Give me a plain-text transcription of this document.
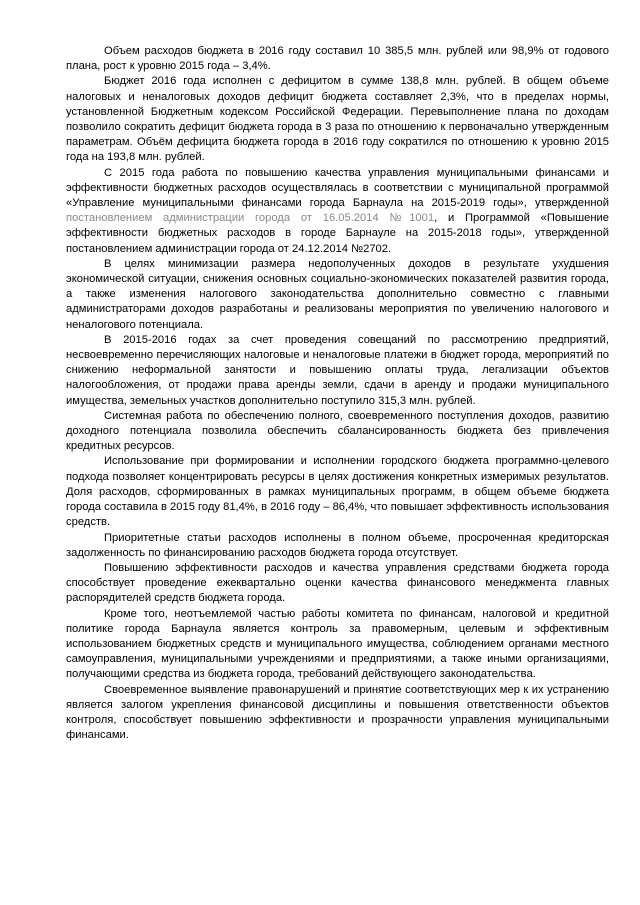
Объем расходов бюджета в 2016 году составил 10 385,5 млн. рублей или 98,9% от годового плана, рост к уровню 2015 года – 3,4%.

Бюджет 2016 года исполнен с дефицитом в сумме 138,8 млн. рублей. В общем объеме налоговых и неналоговых доходов дефицит бюджета составляет 2,3%, что в пределах нормы, установленной Бюджетным кодексом Российской Федерации. Перевыполнение плана по доходам позволило сократить дефицит бюджета города в 3 раза по отношению к первоначально утвержденным параметрам. Объём дефицита бюджета города в 2016 году сократился по отношению к уровню 2015 года на 193,8 млн. рублей.

С 2015 года работа по повышению качества управления муниципальными финансами и эффективности бюджетных расходов осуществлялась в соответствии с муниципальной программой «Управление муниципальными финансами города Барнаула на 2015-2019 годы», утвержденной постановлением администрации города от 16.05.2014 №1001, и Программой «Повышение эффективности бюджетных расходов в городе Барнауле на 2015-2018 годы», утвержденной постановлением администрации города от 24.12.2014 №2702.

В целях минимизации размера недополученных доходов в результате ухудшения экономической ситуации, снижения основных социально-экономических показателей развития города, а также изменения налогового законодательства дополнительно совместно с главными администраторами доходов разработаны и реализованы мероприятия по увеличению налогового и неналогового потенциала.

В 2015-2016 годах за счет проведения совещаний по рассмотрению предприятий, несвоевременно перечисляющих налоговые и неналоговые платежи в бюджет города, мероприятий по снижению неформальной занятости и повышению оплаты труда, легализации объектов налогообложения, от продажи права аренды земли, сдачи в аренду и продажи муниципального имущества, земельных участков дополнительно поступило 315,3 млн. рублей.

Системная работа по обеспечению полного, своевременного поступления доходов, развитию доходного потенциала позволила обеспечить сбалансированность бюджета без привлечения кредитных ресурсов.

Использование при формировании и исполнении городского бюджета программно-целевого подхода позволяет концентрировать ресурсы в целях достижения конкретных измеримых результатов. Доля расходов, сформированных в рамках муниципальных программ, в общем объеме бюджета города составила в 2015 году 81,4%, в 2016 году – 86,4%, что повышает эффективность использования средств.

Приоритетные статьи расходов исполнены в полном объеме, просроченная кредиторская задолженность по финансированию расходов бюджета города отсутствует.

Повышению эффективности расходов и качества управления средствами бюджета города способствует проведение ежеквартально оценки качества финансового менеджмента главных распорядителей средств бюджета города.

Кроме того, неотъемлемой частью работы комитета по финансам, налоговой и кредитной политике города Барнаула является контроль за правомерным, целевым и эффективным использованием бюджетных средств и муниципального имущества, соблюдением органами местного самоуправления, муниципальными учреждениями и предприятиями, а также иными организациями, получающими средства из бюджета города, требований действующего законодательства.

Своевременное выявление правонарушений и принятие соответствующих мер к их устранению является залогом укрепления финансовой дисциплины и повышения ответственности объектов контроля, способствует повышению эффективности и прозрачности управления муниципальными финансами.
